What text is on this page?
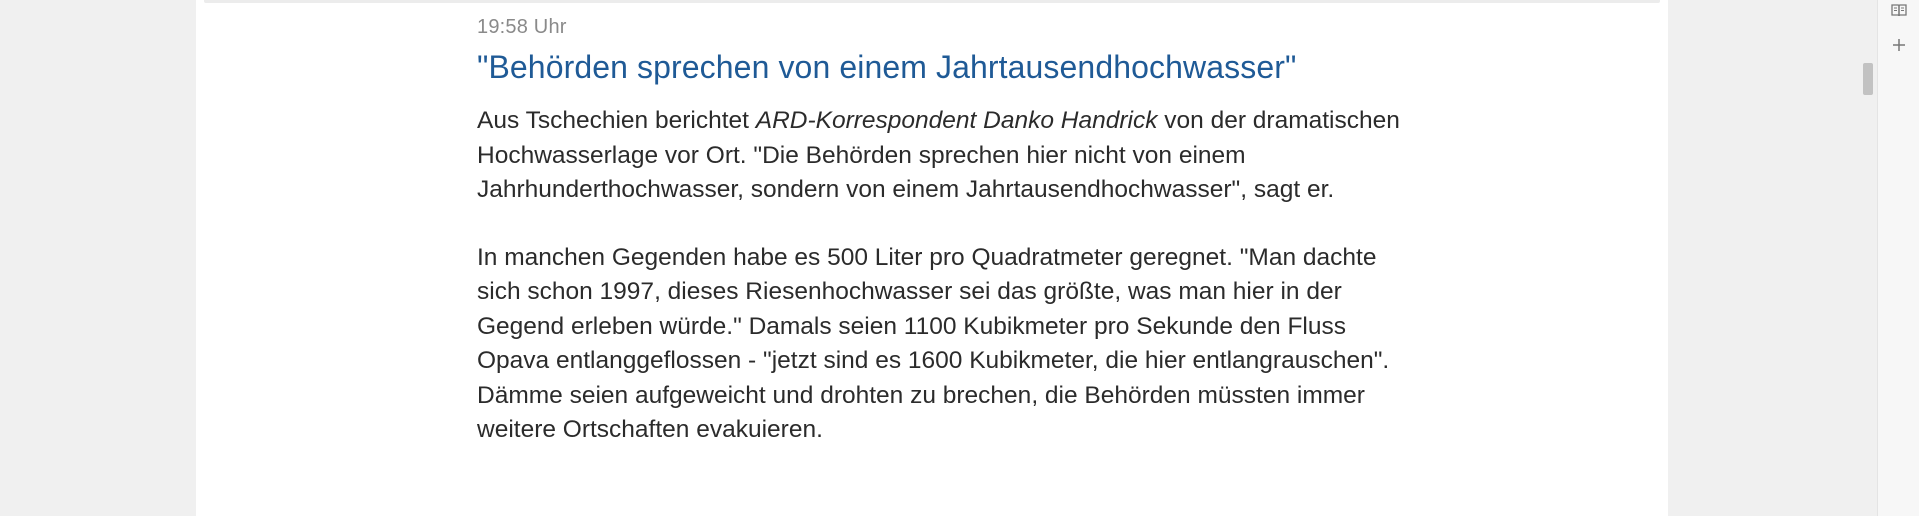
19:58 Uhr
"Behörden sprechen von einem Jahrtausendhochwasser"

Aus Tschechien berichtet ARD-Korrespondent Danko Handrick von der dramatischen Hochwasserlage vor Ort. "Die Behörden sprechen hier nicht von einem Jahrhunderthochwasser, sondern von einem Jahrtausendhochwasser", sagt er.

In manchen Gegenden habe es 500 Liter pro Quadratmeter geregnet. "Man dachte sich schon 1997, dieses Riesenhochwasser sei das größte, was man hier in der Gegend erleben würde." Damals seien 1100 Kubikmeter pro Sekunde den Fluss Opava entlanggeflossen - "jetzt sind es 1600 Kubikmeter, die hier entlangrauschen". Dämme seien aufgeweicht und drohten zu brechen, die Behörden müssten immer weitere Ortschaften evakuieren.
